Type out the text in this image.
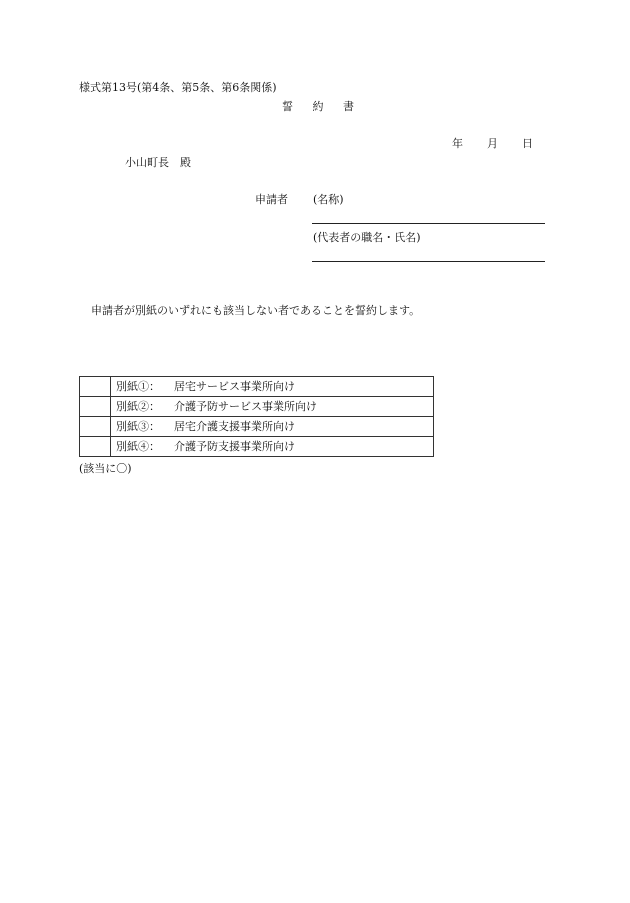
様式第13号(第4条、第5条、第6条関係)
誓 約 書
年 月 日
小山町長　殿
申請者 (名称)
(代表者の職名・氏名)
申請者が別紙のいずれにも該当しない者であることを誓約します。
	別紙①： 居宅サービス事業所向け
	別紙②： 介護予防サービス事業所向け
	別紙③： 居宅介護支援事業所向け
	別紙④： 介護予防支援事業所向け
(該当に〇)
